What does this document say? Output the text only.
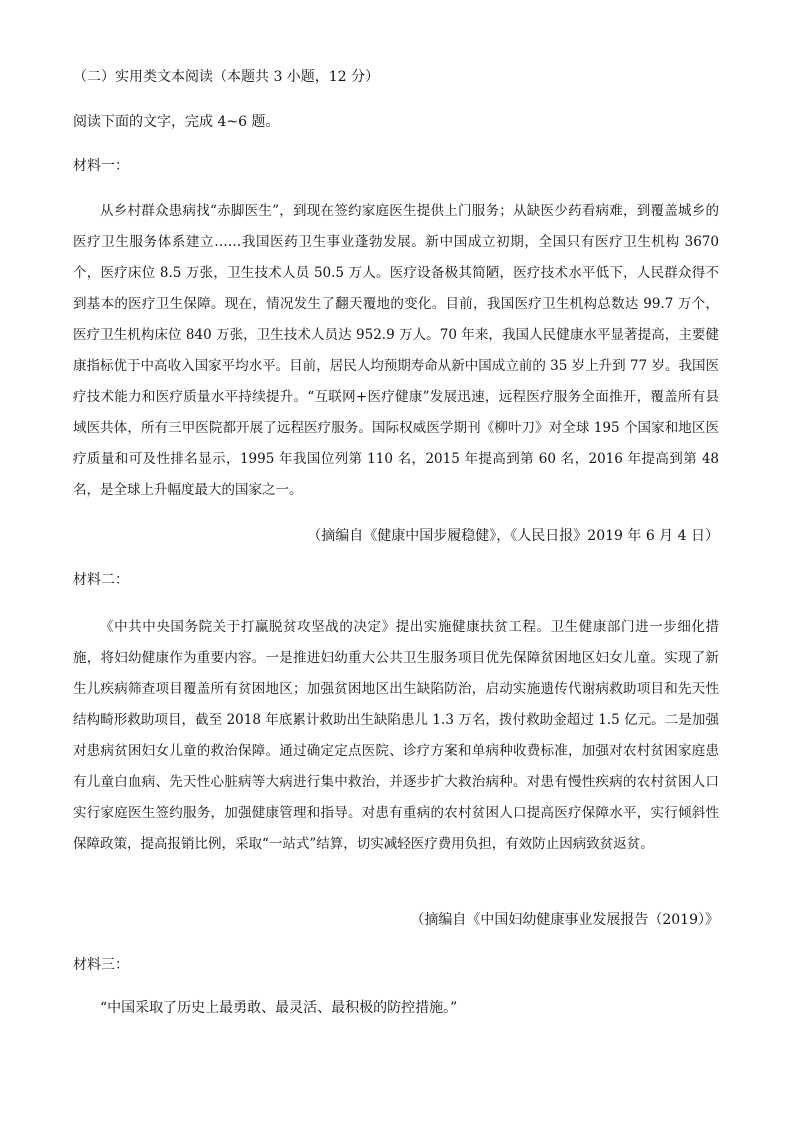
（二）实用类文本阅读（本题共 3 小题，12 分）
阅读下面的文字，完成 4~6 题。
材料一：

从乡村群众患病找“赤脚医生”，到现在签约家庭医生提供上门服务；从缺医少药看病难，到覆盖城乡的医疗卫生服务体系建立……我国医药卫生事业蓬勃发展。新中国成立初期，全国只有医疗卫生机构 3670 个，医疗床位 8.5 万张，卫生技术人员 50.5 万人。医疗设备极其简陋，医疗技术水平低下，人民群众得不到基本的医疗卫生保障。现在，情况发生了翻天覆地的变化。目前，我国医疗卫生机构总数达 99.7 万个，医疗卫生机构床位 840 万张，卫生技术人员达 952.9 万人。70 年来，我国人民健康水平显著提高，主要健康指标优于中高收入国家平均水平。目前，居民人均预期寿命从新中国成立前的 35 岁上升到 77 岁。我国医疗技术能力和医疗质量水平持续提升。“互联网+医疗健康”发展迅速，远程医疗服务全面推开，覆盖所有县域医共体，所有三甲医院都开展了远程医疗服务。国际权威医学期刊《柳叶刀》对全球 195 个国家和地区医疗质量和可及性排名显示，1995 年我国位列第 110 名，2015 年提高到第 60 名，2016 年提高到第 48 名，是全球上升幅度最大的国家之一。

（摘编自《健康中国步履稳健》，《人民日报》2019 年 6 月 4 日）
材料二：

《中共中央国务院关于打赢脱贫攻坚战的决定》提出实施健康扶贫工程。卫生健康部门进一步细化措施，将妇幼健康作为重要内容。一是推进妇幼重大公共卫生服务项目优先保障贫困地区妇女儿童。实现了新生儿疾病筛查项目覆盖所有贫困地区；加强贫困地区出生缺陷防治，启动实施遗传代谢病救助项目和先天性结构畸形救助项目，截至 2018 年底累计救助出生缺陷患儿 1.3 万名，拨付救助金超过 1.5 亿元。二是加强对患病贫困妇女儿童的救治保障。通过确定定点医院、诊疗方案和单病种收费标准，加强对农村贫困家庭患有儿童白血病、先天性心脏病等大病进行集中救治，并逐步扩大救治病种。对患有慢性疾病的农村贫困人口实行家庭医生签约服务，加强健康管理和指导。对患有重病的农村贫困人口提高医疗保障水平，实行倾斜性保障政策，提高报销比例，采取“一站式”结算，切实减轻医疗费用负担，有效防止因病致贫返贫。

（摘编自《中国妇幼健康事业发展报告（2019）》
材料三：
“中国采取了历史上最勇敢、最灵活、最积极的防控措施。”
